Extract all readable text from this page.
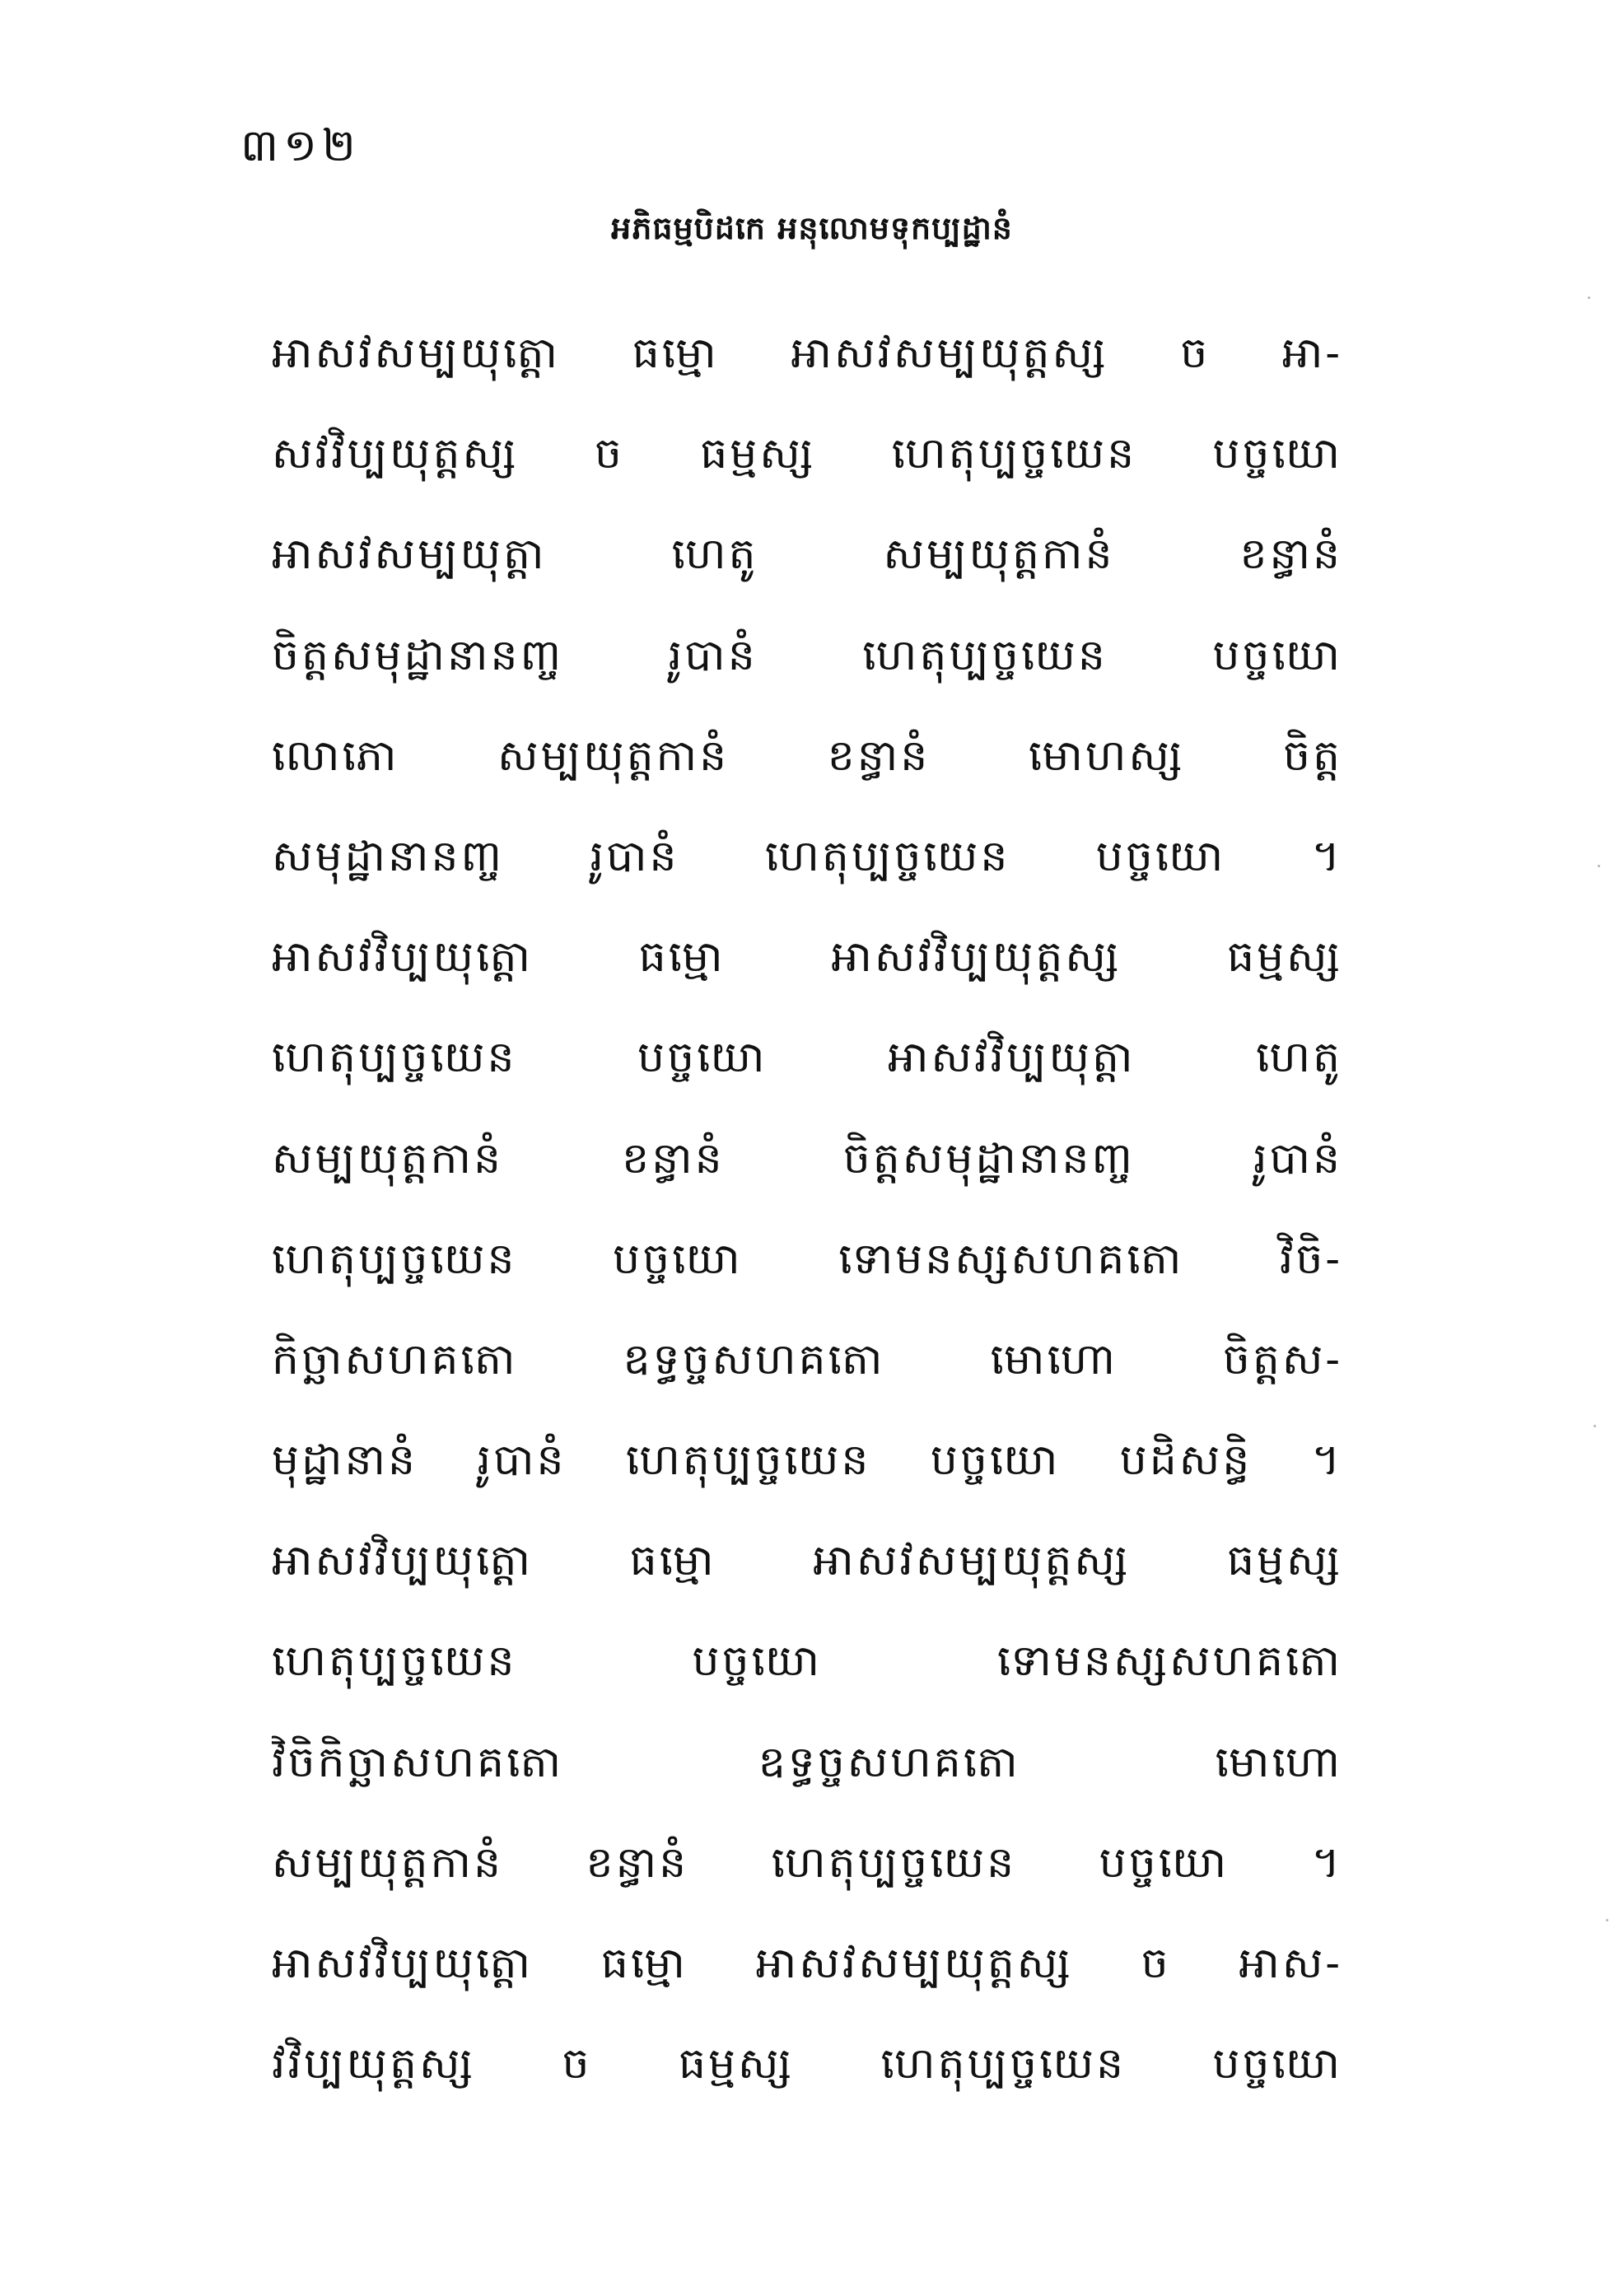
៣១២
អភិធម្មបិដកេ អនុលោមទុកប្បដ្ឋានំ
អាសវសម្បយុត្តោ ធម្មោ អាសវសម្បយុត្តស្ស ច អា-
សវវិប្បយុត្តស្ស ច ធម្មស្ស ហេតុប្បច្ចយេន បច្ចយោ
អាសវសម្បយុត្តា ហេតូ សម្បយុត្តកានំ ខន្ធានំ
ចិត្តសមុដ្ឋានានញ្ច រូបានំ ហេតុប្បច្ចយេន បច្ចយោ
លោភោ សម្បយុត្តកានំ ខន្ធានំ មោហស្ស ចិត្ត
សមុដ្ឋានានញ្ច រូបានំ ហេតុប្បច្ចយេន បច្ចយោ ។
អាសវវិប្បយុត្តោ ធម្មោ អាសវវិប្បយុត្តស្ស ធម្មស្ស
ហេតុប្បច្ចយេន បច្ចយោ អាសវវិប្បយុត្តា ហេតូ
សម្បយុត្តកានំ ខន្ធានំ ចិត្តសមុដ្ឋានានញ្ច រូបានំ
ហេតុប្បច្ចយេន បច្ចយោ ទោមនស្សសហគតោ វិចិ-
កិច្ឆាសហគតោ ឧទ្ធច្ចសហគតោ មោហោ ចិត្តស-
មុដ្ឋានានំ រូបានំ ហេតុប្បច្ចយេន បច្ចយោ បដិសន្ធិ ។
អាសវវិប្បយុត្តោ ធម្មោ អាសវសម្បយុត្តស្ស ធម្មស្ស
ហេតុប្បច្ចយេន បច្ចយោ ទោមនស្សសហគតោ
វិចិកិច្ឆាសហគតោ ឧទ្ធច្ចសហគតោ មោហោ
សម្បយុត្តកានំ ខន្ធានំ ហេតុប្បច្ចយេន បច្ចយោ ។
អាសវវិប្បយុត្តោ ធម្មោ អាសវសម្បយុត្តស្ស ច អាស-
វវិប្បយុត្តស្ស ច ធម្មស្ស ហេតុប្បច្ចយេន បច្ចយោ
